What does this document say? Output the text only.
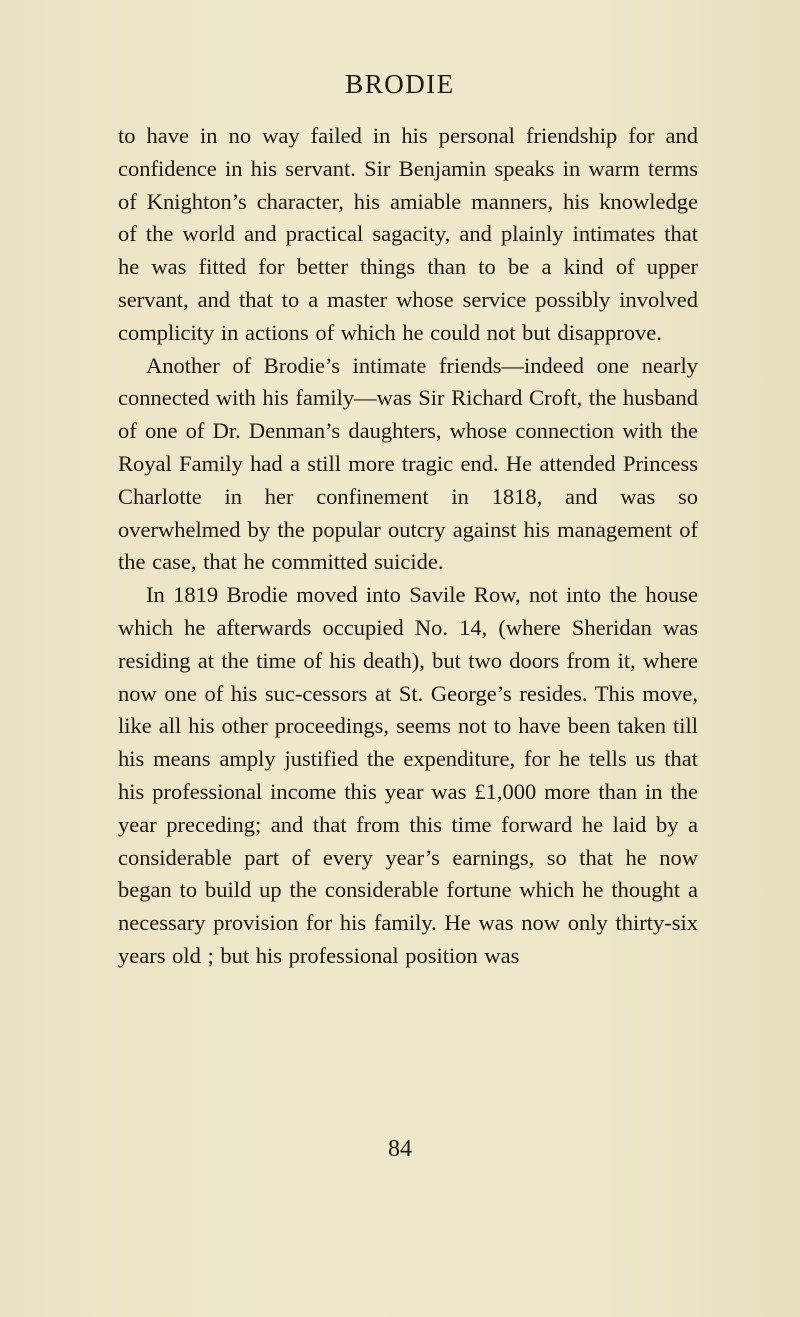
BRODIE

to have in no way failed in his personal friendship for and confidence in his servant. Sir Benjamin speaks in warm terms of Knighton’s character, his amiable manners, his knowledge of the world and practical sagacity, and plainly intimates that he was fitted for better things than to be a kind of upper servant, and that to a master whose service possibly involved complicity in actions of which he could not but disapprove.

Another of Brodie’s intimate friends—indeed one nearly connected with his family—was Sir Richard Croft, the husband of one of Dr. Denman’s daughters, whose connection with the Royal Family had a still more tragic end. He attended Princess Charlotte in her confinement in 1818, and was so overwhelmed by the popular outcry against his management of the case, that he committed suicide.

In 1819 Brodie moved into Savile Row, not into the house which he afterwards occupied No. 14, (where Sheridan was residing at the time of his death), but two doors from it, where now one of his suc-cessors at St. George’s resides. This move, like all his other proceedings, seems not to have been taken till his means amply justified the expenditure, for he tells us that his professional income this year was £1,000 more than in the year preceding; and that from this time forward he laid by a considerable part of every year’s earnings, so that he now began to build up the considerable fortune which he thought a necessary provision for his family. He was now only thirty-six years old ; but his professional position was

84
